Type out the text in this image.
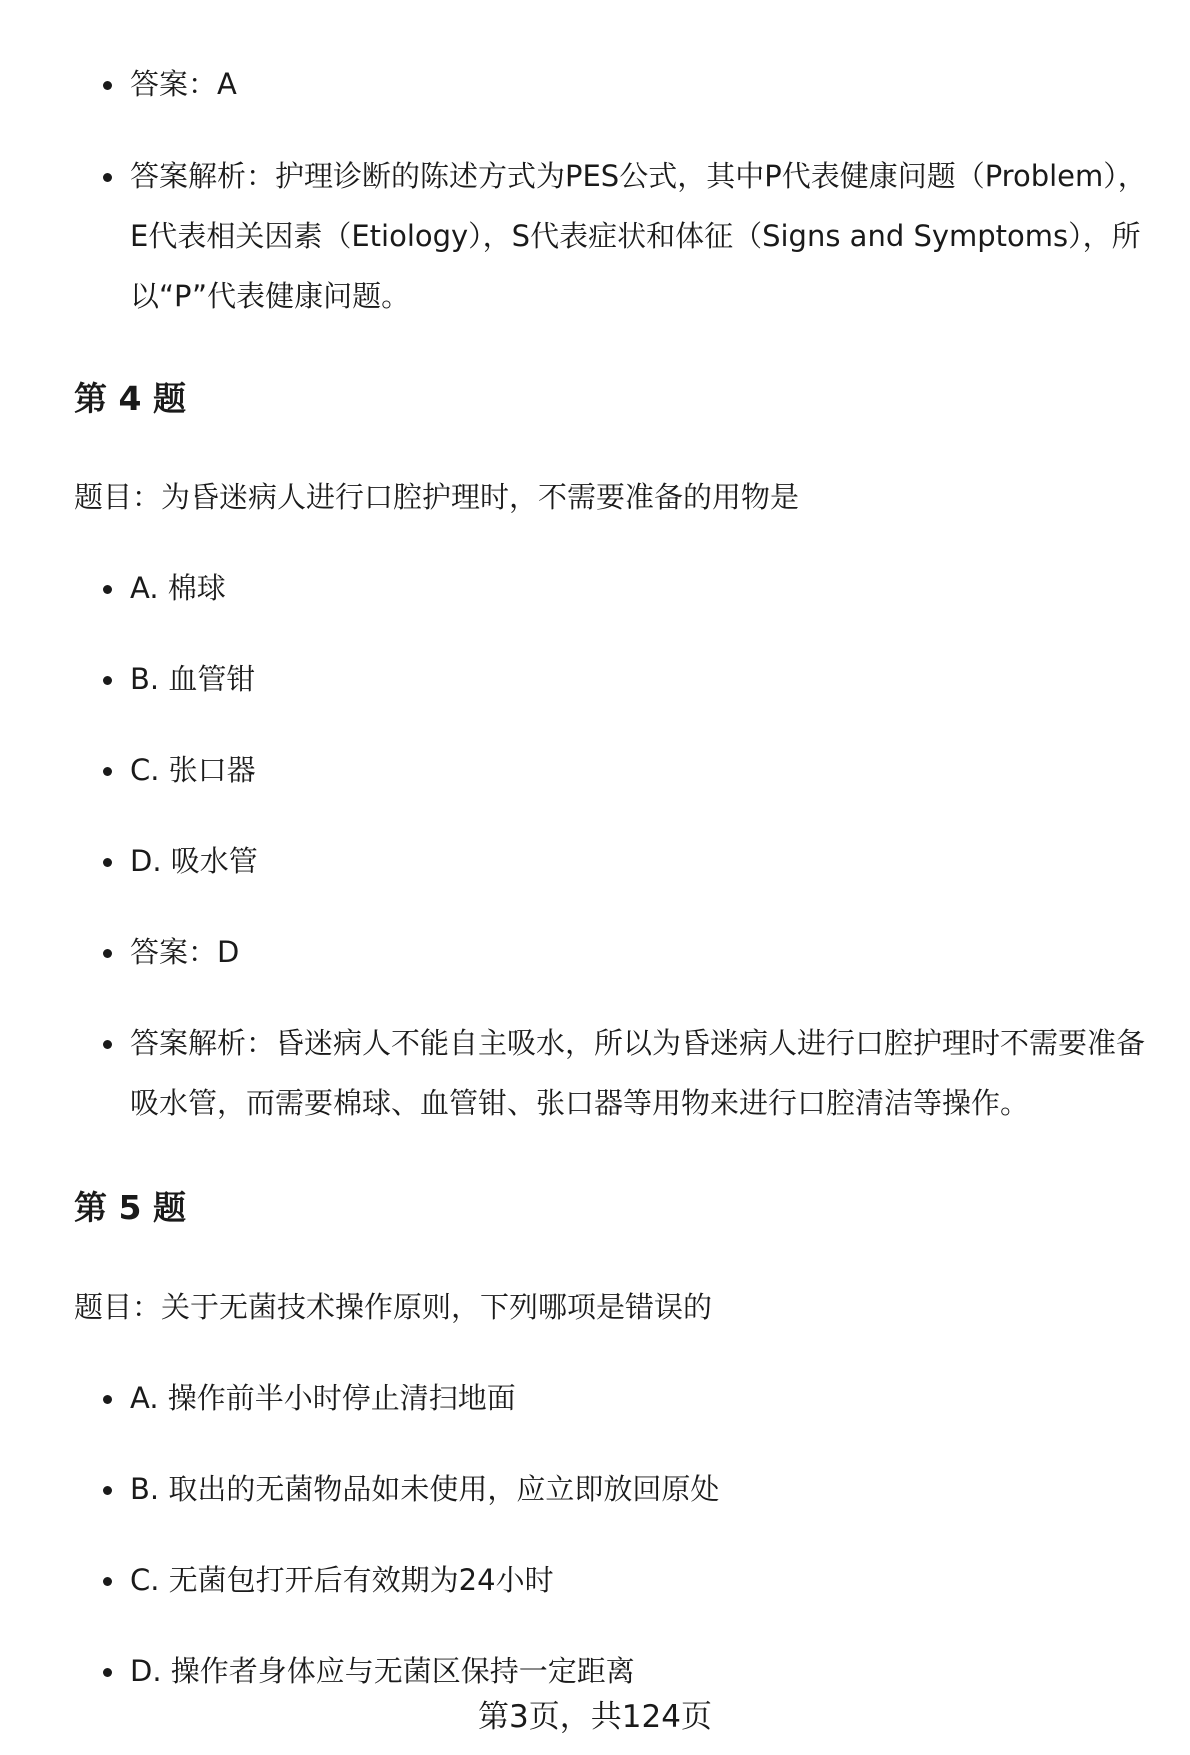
答案：A
答案解析：护理诊断的陈述方式为PES公式，其中P代表健康问题（Problem），E代表相关因素（Etiology），S代表症状和体征（Signs and Symptoms），所以“P”代表健康问题。
第 4 题
题目：为昏迷病人进行口腔护理时，不需要准备的用物是
A. 棉球
B. 血管钳
C. 张口器
D. 吸水管
答案：D
答案解析：昏迷病人不能自主吸水，所以为昏迷病人进行口腔护理时不需要准备吸水管，而需要棉球、血管钳、张口器等用物来进行口腔清洁等操作。
第 5 题
题目：关于无菌技术操作原则，下列哪项是错误的
A. 操作前半小时停止清扫地面
B. 取出的无菌物品如未使用，应立即放回原处
C. 无菌包打开后有效期为24小时
D. 操作者身体应与无菌区保持一定距离
第3页，共124页
